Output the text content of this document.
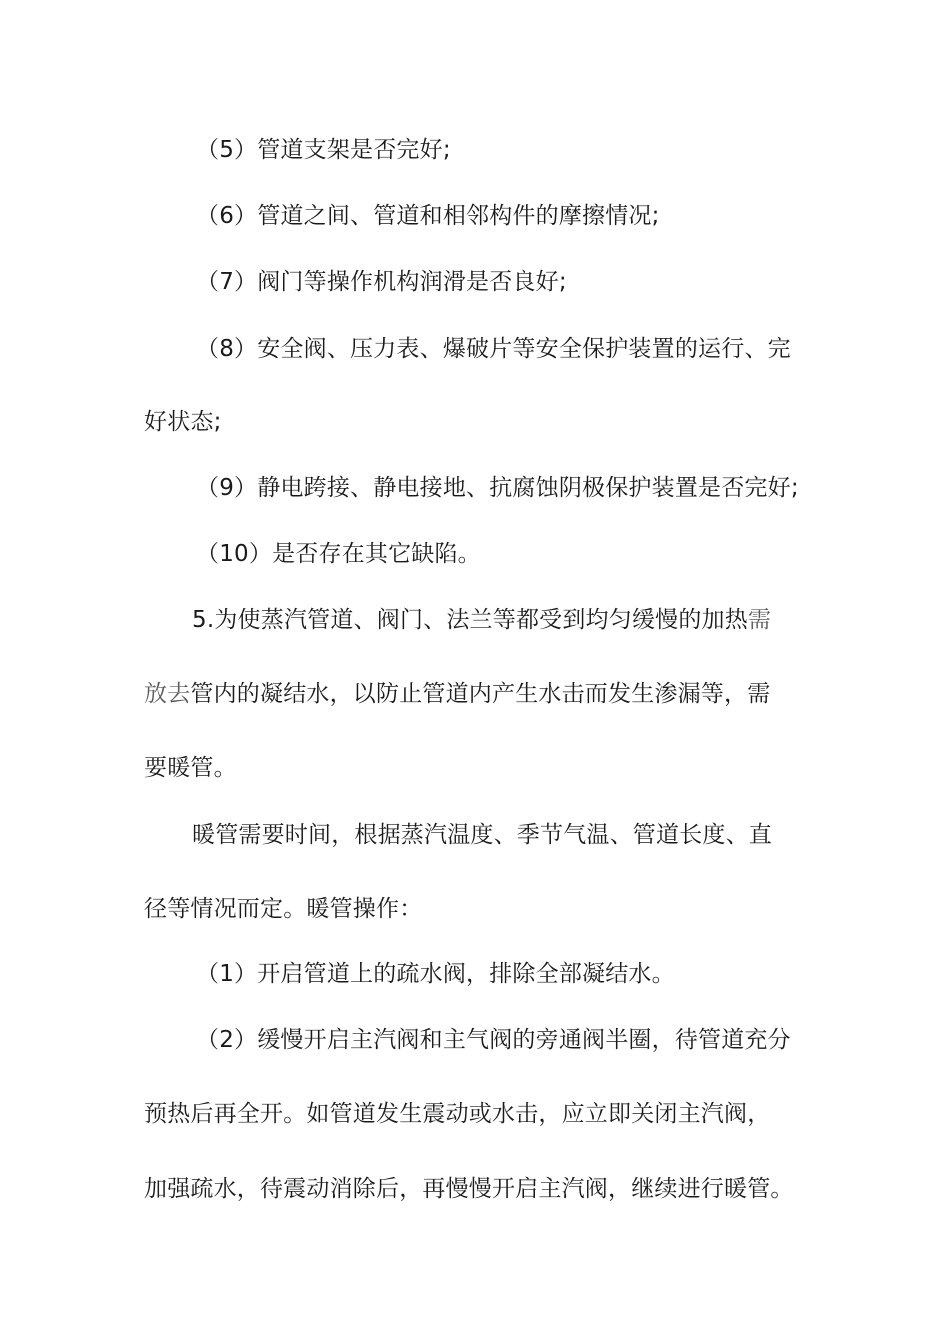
（5）管道支架是否完好;
（6）管道之间、管道和相邻构件的摩擦情况;
（7）阀门等操作机构润滑是否良好;
（8）安全阀、压力表、爆破片等安全保护装置的运行、完
好状态;
（9）静电跨接、静电接地、抗腐蚀阴极保护装置是否完好;
（10）是否存在其它缺陷。
5.为使蒸汽管道、阀门、法兰等都受到均匀缓慢的加热需
放去管内的凝结水，以防止管道内产生水击而发生渗漏等，需
要暖管。
暖管需要时间，根据蒸汽温度、季节气温、管道长度、直
径等情况而定。暖管操作：
（1）开启管道上的疏水阀，排除全部凝结水。
（2）缓慢开启主汽阀和主气阀的旁通阀半圈，待管道充分
预热后再全开。如管道发生震动或水击，应立即关闭主汽阀，
加强疏水，待震动消除后，再慢慢开启主汽阀，继续进行暖管。
